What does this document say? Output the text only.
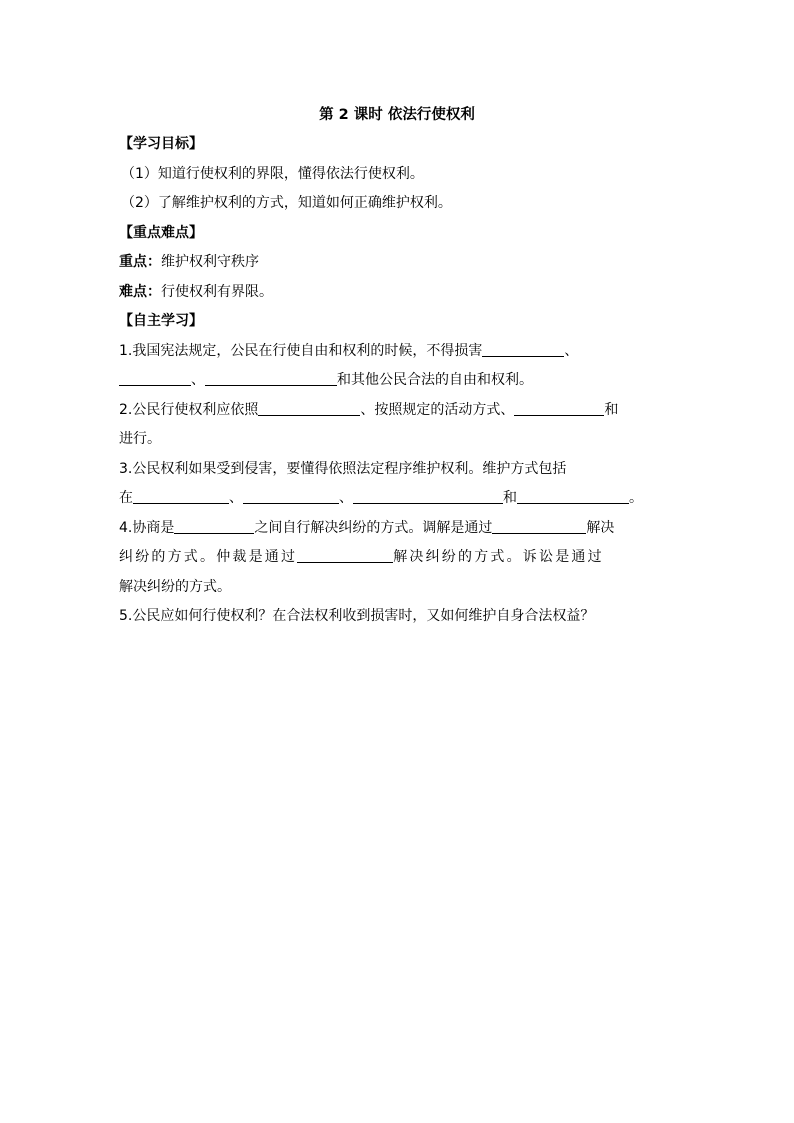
第 2 课时 依法行使权利
【学习目标】
（1）知道行使权利的界限，懂得依法行使权利。
（2）了解维护权利的方式，知道如何正确维护权利。
【重点难点】
重点：维护权利守秩序
难点：行使权利有界限。
【自主学习】
1.我国宪法规定，公民在行使自由和权利的时候，不得损害	、
、	和其他公民合法的自由和权利。
2.公民行使权利应依照	、按照规定的活动方式、	和
进行。
3.公民权利如果受到侵害，要懂得依照法定程序维护权利。维护方式包括
在	、	、	和	。
4.协商是	之间自行解决纠纷的方式。调解是通过	解决
纠纷的方式。仲裁是通过	解决纠纷的方式。诉讼是通过
解决纠纷的方式。
5.公民应如何行使权利？在合法权利收到损害时，又如何维护自身合法权益？
